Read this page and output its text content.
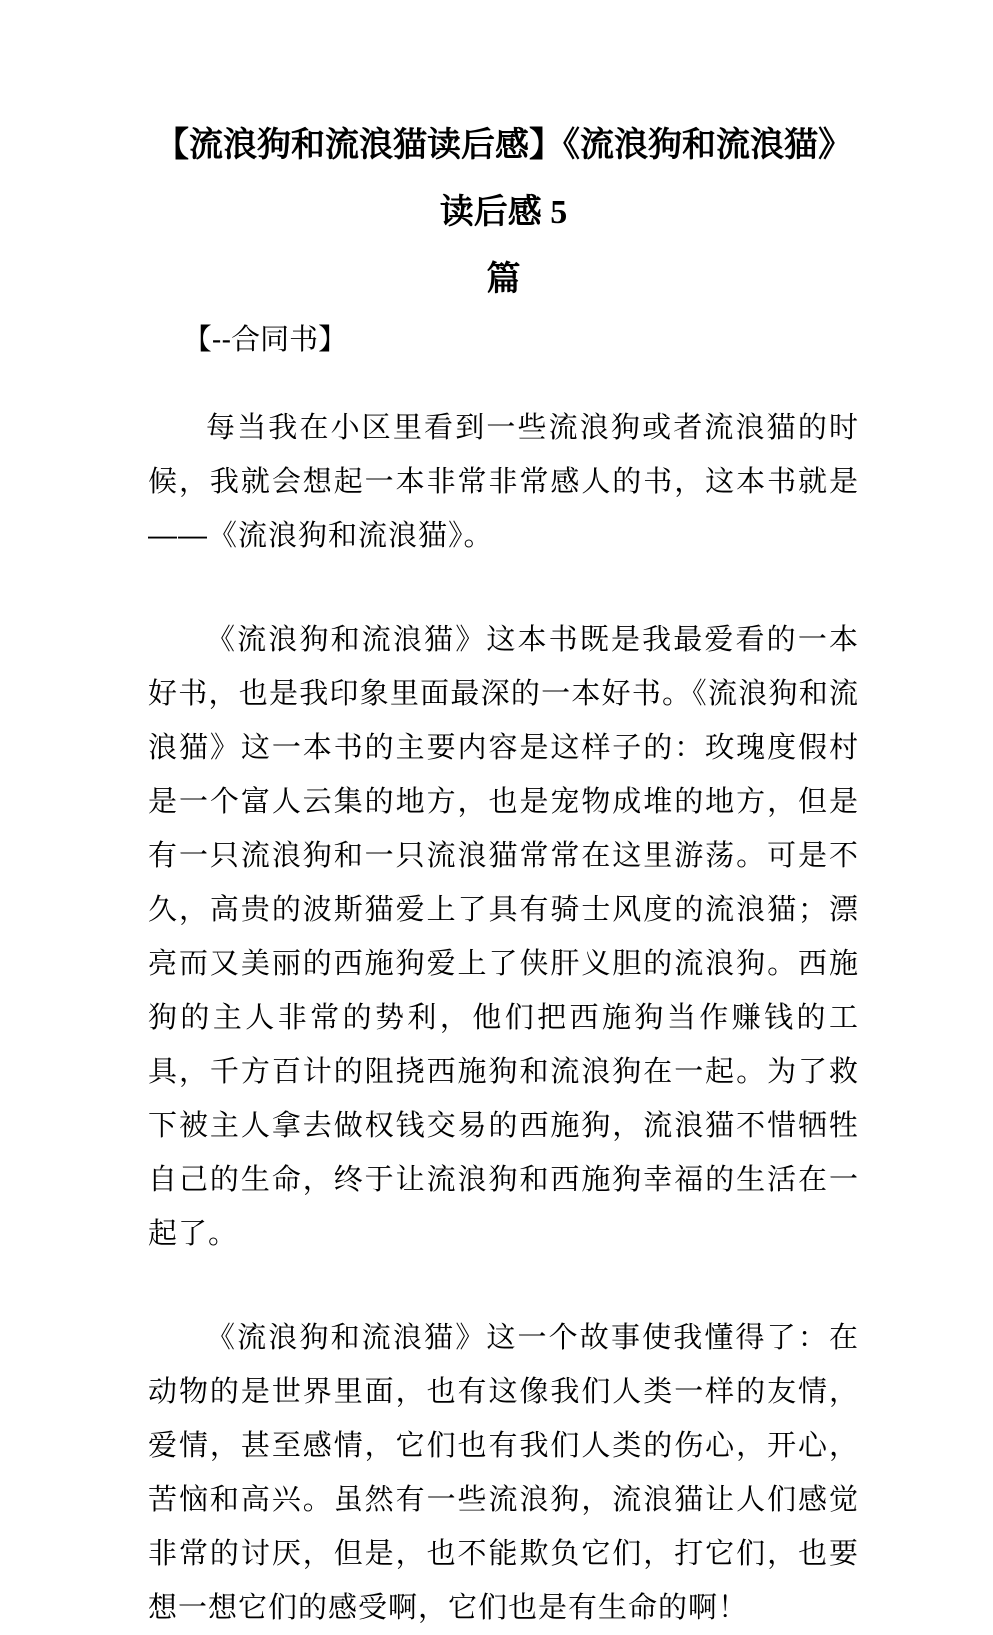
【流浪狗和流浪猫读后感】《流浪狗和流浪猫》读后感 5
篇
【--合同书】

每当我在小区里看到一些流浪狗或者流浪猫的时候，我就会想起一本非常非常感人的书，这本书就是 ——《流浪狗和流浪猫》。

《流浪狗和流浪猫》这本书既是我最爱看的一本好书，也是我印象里面最深的一本好书。《流浪狗和流浪猫》这一本书的主要内容是这样子的：玫瑰度假村是一个富人云集的地方，也是宠物成堆的地方，但是有一只流浪狗和一只流浪猫常常在这里游荡。可是不久，高贵的波斯猫爱上了具有骑士风度的流浪猫；漂亮而又美丽的西施狗爱上了侠肝义胆的流浪狗。西施狗的主人非常的势利，他们把西施狗当作赚钱的工具，千方百计的阻挠西施狗和流浪狗在一起。为了救下被主人拿去做权钱交易的西施狗，流浪猫不惜牺牲自己的生命，终于让流浪狗和西施狗幸福的生活在一起了。

《流浪狗和流浪猫》这一个故事使我懂得了：在动物的是世界里面，也有这像我们人类一样的友情，爱情，甚至感情，它们也有我们人类的伤心，开心，苦恼和高兴。虽然有一些流浪狗，流浪猫让人们感觉非常的讨厌，但是，也不能欺负它们，打它们，也要想一想它们的感受啊，它们也是有生命的啊！
